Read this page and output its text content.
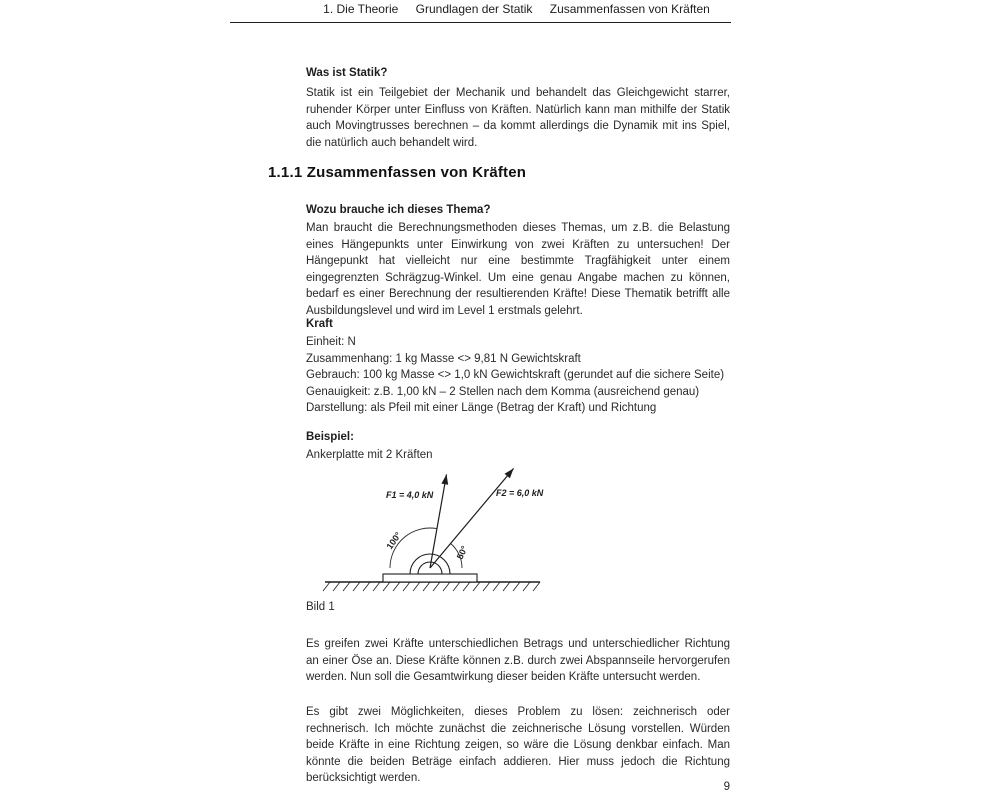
1. Die Theorie Grundlagen der Statik Zusammenfassen von Kräften
Was ist Statik?
Statik ist ein Teilgebiet der Mechanik und behandelt das Gleichgewicht starrer, ruhender Körper unter Einfluss von Kräften. Natürlich kann man mithilfe der Statik auch Movingtrusses berechnen – da kommt allerdings die Dynamik mit ins Spiel, die natürlich auch behandelt wird.
1.1.1 Zusammenfassen von Kräften
Wozu brauche ich dieses Thema?
Man braucht die Berechnungsmethoden dieses Themas, um z.B. die Belastung eines Hängepunkts unter Einwirkung von zwei Kräften zu untersuchen! Der Hängepunkt hat vielleicht nur eine bestimmte Tragfähigkeit unter einem eingegrenzten Schrägzug-Winkel. Um eine genau Angabe machen zu können, bedarf es einer Berechnung der resultierenden Kräfte! Diese Thematik betrifft alle Ausbildungslevel und wird im Level 1 erstmals gelehrt.
Kraft
Einheit: N
Zusammenhang: 1 kg Masse <> 9,81 N Gewichtskraft
Gebrauch: 100 kg Masse <> 1,0 kN Gewichtskraft (gerundet auf die sichere Seite)
Genauigkeit: z.B. 1,00 kN – 2 Stellen nach dem Komma (ausreichend genau)
Darstellung: als Pfeil mit einer Länge (Betrag der Kraft) und Richtung
Beispiel:
Ankerplatte mit 2 Kräften
F1 = 4,0 kN	F2 = 6,0 kN
100°
50°
Bild 1
Es greifen zwei Kräfte unterschiedlichen Betrags und unterschiedlicher Richtung an einer Öse an. Diese Kräfte können z.B. durch zwei Abspannseile hervorgerufen werden. Nun soll die Gesamtwirkung dieser beiden Kräfte untersucht werden.
Es gibt zwei Möglichkeiten, dieses Problem zu lösen: zeichnerisch oder rechnerisch. Ich möchte zunächst die zeichnerische Lösung vorstellen. Würden beide Kräfte in eine Richtung zeigen, so wäre die Lösung denkbar einfach. Man könnte die beiden Beträge einfach addieren. Hier muss jedoch die Richtung berücksichtigt werden.
9
